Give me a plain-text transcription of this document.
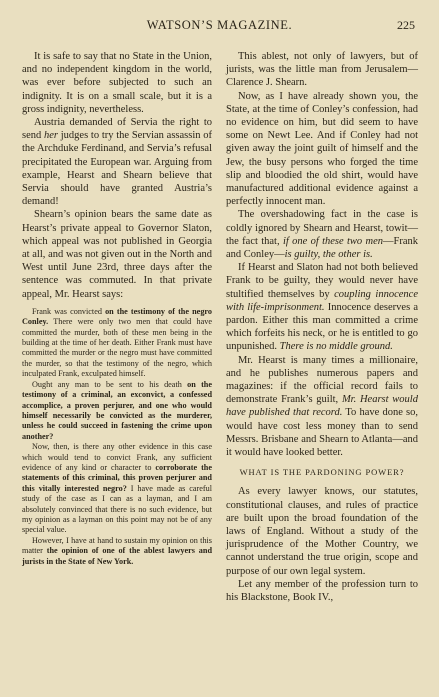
WATSON’S MAGAZINE.	225

It is safe to say that no State in the Union, and no independent kingdom in the world, was ever before subjected to such an indignity. It is on a small scale, but it is a gross indignity, nevertheless.

Austria demanded of Servia the right to send her judges to try the Servian assassin of the Archduke Ferdinand, and Servia’s refusal precipitated the European war. Arguing from example, Hearst and Shearn believe that Servia should have granted Austria’s demand!

Shearn’s opinion bears the same date as Hearst’s private appeal to Governor Slaton, which appeal was not published in Georgia at all, and was not given out in the North and West until June 23rd, three days after the sentence was commuted. In that private appeal, Mr. Hearst says:

Frank was convicted on the testimony of the negro Conley. There were only two men that could have committed the murder, both of these men being in the building at the time of her death. Either Frank must have committed the murder or the negro must have committed the murder, so that the testimony of the negro, which inculpated Frank, exculpated himself.

Ought any man to be sent to his death on the testimony of a criminal, an exconvict, a confessed accomplice, a proven perjurer, and one who would himself necessarily be convicted as the murderer, unless he could succeed in fastening the crime upon another?

Now, then, is there any other evidence in this case which would tend to convict Frank, any sufficient evidence of any kind or character to corroborate the statements of this criminal, this proven perjurer and this vitally interested negro? I have made as careful study of the case as I can as a layman, and I am absolutely convinced that there is no such evidence, but my opinion as a layman on this point may not be of any special value.

However, I have at hand to sustain my opinion on this matter the opinion of one of the ablest lawyers and jurists in the State of New York.

This ablest, not only of lawyers, but of jurists, was the little man from Jerusalem—Clarence J. Shearn.

Now, as I have already shown you, the State, at the time of Conley’s confession, had no evidence on him, but did seem to have some on Newt Lee. And if Conley had not given away the joint guilt of himself and the Jew, the busy persons who forged the time slip and bloodied the old shirt, would have manufactured additional evidence against a perfectly innocent man.

The overshadowing fact in the case is coldly ignored by Shearn and Hearst, towit—the fact that, if one of these two men—Frank and Conley—is guilty, the other is.

If Hearst and Slaton had not both believed Frank to be guilty, they would never have stultified themselves by coupling innocence with life-imprisonment. Innocence deserves a pardon. Either this man committed a crime which forfeits his neck, or he is entitled to go unpunished. There is no middle ground.

Mr. Hearst is many times a millionaire, and he publishes numerous papers and magazines: if the official record fails to demonstrate Frank’s guilt, Mr. Hearst would have published that record. To have done so, would have cost less money than to send Messrs. Brisbane and Shearn to Atlanta—and it would have looked better.

WHAT IS THE PARDONING POWER?

As every lawyer knows, our statutes, constitutional clauses, and rules of practice are built upon the broad foundation of the laws of England. Without a study of the jurisprudence of the Mother Country, we cannot understand the true origin, scope and purpose of our own legal system.

Let any member of the profession turn to his Blackstone, Book IV.,
